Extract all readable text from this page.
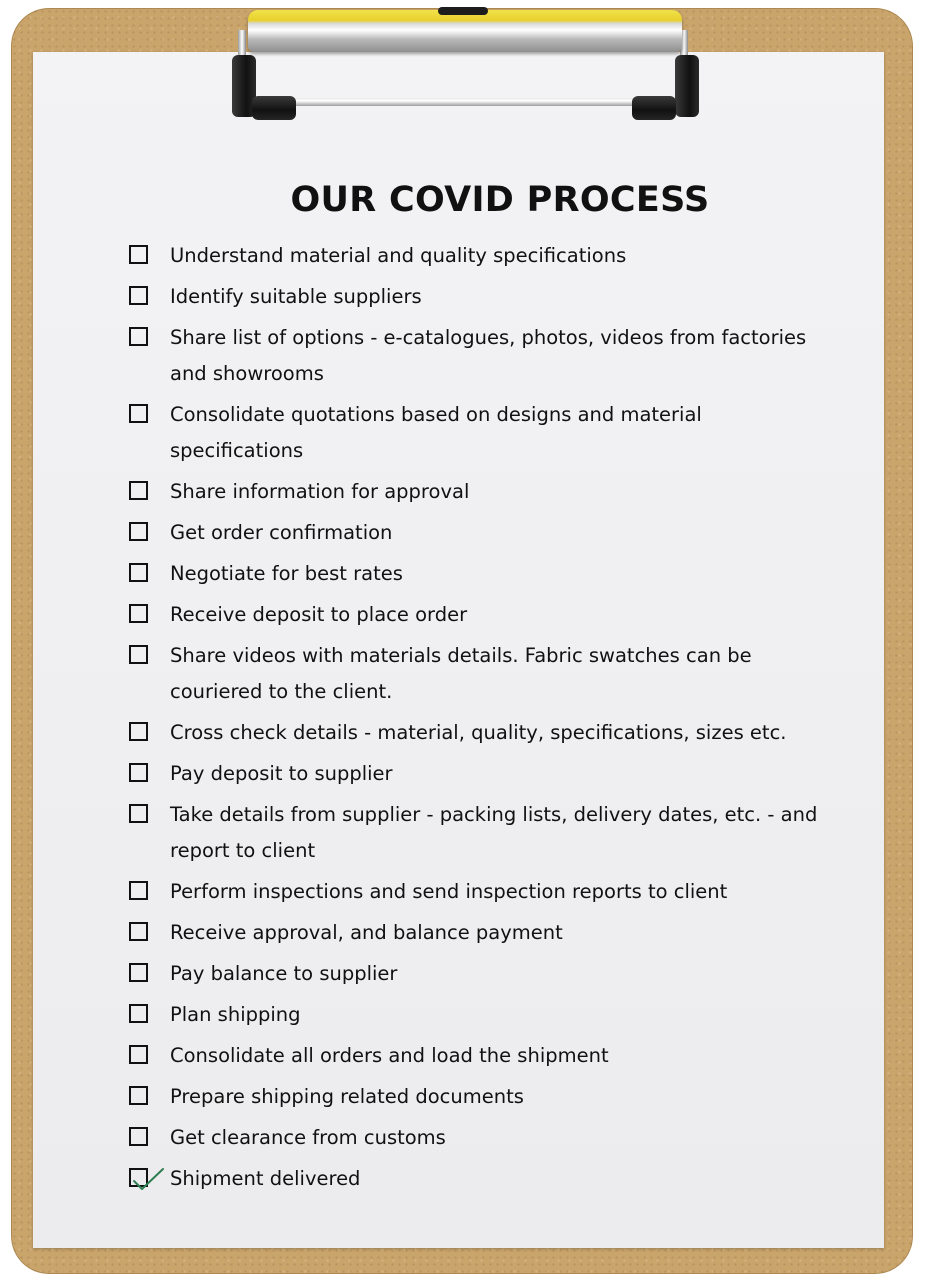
OUR COVID PROCESS
Understand material and quality specifications
Identify suitable suppliers
Share list of options - e-catalogues, photos, videos from factories and showrooms
Consolidate quotations based on designs and material specifications
Share information for approval
Get order confirmation
Negotiate for best rates
Receive deposit to place order
Share videos with materials details. Fabric swatches can be couriered to the client.
Cross check details - material, quality, specifications, sizes etc.
Pay deposit to supplier
Take details from supplier - packing lists, delivery dates, etc. - and report to client
Perform inspections and send inspection reports to client
Receive approval, and balance payment
Pay balance to supplier
Plan shipping
Consolidate all orders and load the shipment
Prepare shipping related documents
Get clearance from customs
Shipment delivered
